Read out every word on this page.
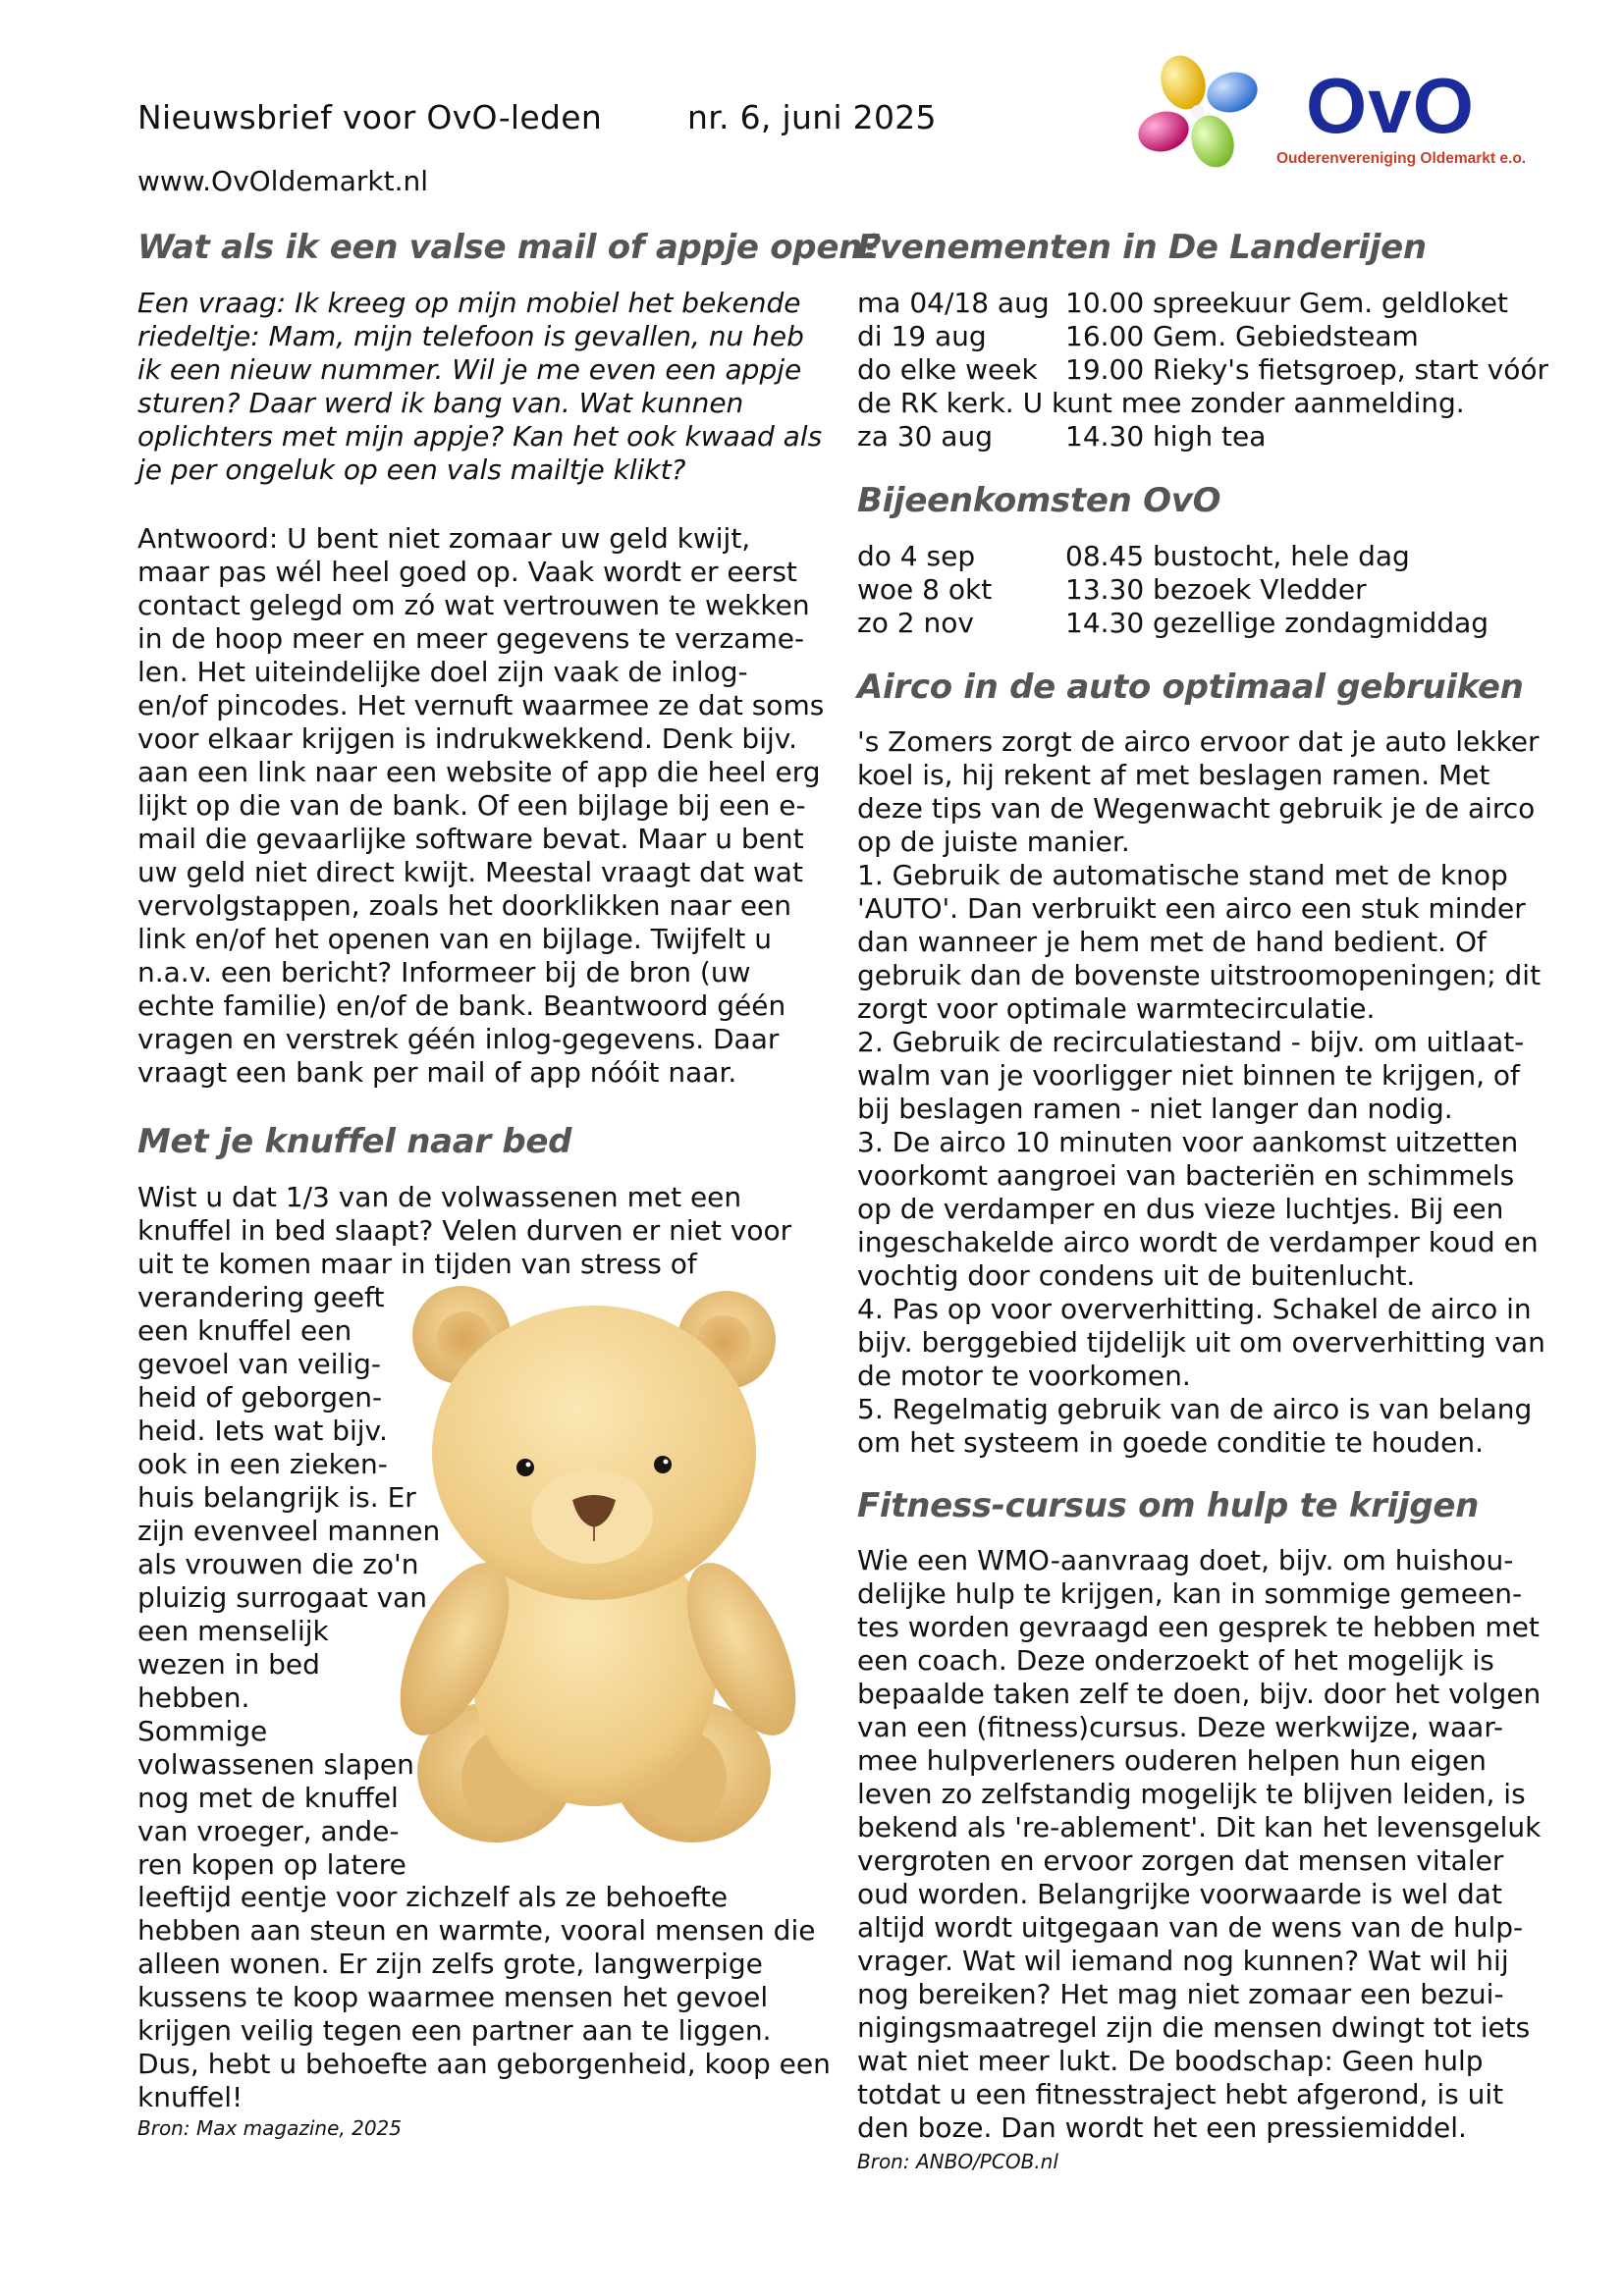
Nieuwsbrief voor OvO-leden	nr. 6, juni 2025
www.OvOldemarkt.nl
OvO
Ouderenvereniging Oldemarkt e.o.
Wat als ik een valse mail of appje open?

Een vraag: Ik kreeg op mijn mobiel het bekende

riedeltje: Mam, mijn telefoon is gevallen, nu heb

ik een nieuw nummer. Wil je me even een appje

sturen? Daar werd ik bang van. Wat kunnen

oplichters met mijn appje? Kan het ook kwaad als

je per ongeluk op een vals mailtje klikt?

Antwoord: U bent niet zomaar uw geld kwijt,

maar pas wél heel goed op. Vaak wordt er eerst

contact gelegd om zó wat vertrouwen te wekken

in de hoop meer en meer gegevens te verzame-

len. Het uiteindelijke doel zijn vaak de inlog-

en/of pincodes. Het vernuft waarmee ze dat soms

voor elkaar krijgen is indrukwekkend. Denk bijv.

aan een link naar een website of app die heel erg

lijkt op die van de bank. Of een bijlage bij een e-

mail die gevaarlijke software bevat. Maar u bent

uw geld niet direct kwijt. Meestal vraagt dat wat

vervolgstappen, zoals het doorklikken naar een

link en/of het openen van en bijlage. Twijfelt u

n.a.v. een bericht? Informeer bij de bron (uw

echte familie) en/of de bank. Beantwoord géén

vragen en verstrek géén inlog-gegevens. Daar

vraagt een bank per mail of app nóóit naar.

Met je knuffel naar bed

Wist u dat 1/3 van de volwassenen met een

knuffel in bed slaapt? Velen durven er niet voor

uit te komen maar in tijden van stress of

verandering geeft

een knuffel een

gevoel van veilig-

heid of geborgen-

heid. Iets wat bijv.

ook in een zieken-

huis belangrijk is. Er

zijn evenveel mannen

als vrouwen die zo'n

pluizig surrogaat van

een menselijk

wezen in bed

hebben.

Sommige

volwassenen slapen

nog met de knuffel

van vroeger, ande-

ren kopen op latere

leeftijd eentje voor zichzelf als ze behoefte

hebben aan steun en warmte, vooral mensen die

alleen wonen. Er zijn zelfs grote, langwerpige

kussens te koop waarmee mensen het gevoel

krijgen veilig tegen een partner aan te liggen.

Dus, hebt u behoefte aan geborgenheid, koop een

knuffel!

Bron: Max magazine, 2025
Evenementen in De Landerijen
ma 04/18 aug 10.00 spreekuur Gem. geldloket
di 19 aug	16.00 Gem. Gebiedsteam
do elke week	19.00 Rieky's fietsgroep, start vóór
de RK kerk. U kunt mee zonder aanmelding.
za 30 aug	14.30 high tea
Bijeenkomsten OvO
do 4 sep	08.45 bustocht, hele dag
woe 8 okt	13.30 bezoek Vledder
zo 2 nov	14.30 gezellige zondagmiddag
Airco in de auto optimaal gebruiken

's Zomers zorgt de airco ervoor dat je auto lekker

koel is, hij rekent af met beslagen ramen. Met

deze tips van de Wegenwacht gebruik je de airco

op de juiste manier.

1. Gebruik de automatische stand met de knop

'AUTO'. Dan verbruikt een airco een stuk minder

dan wanneer je hem met de hand bedient. Of

gebruik dan de bovenste uitstroomopeningen; dit

zorgt voor optimale warmtecirculatie.

2. Gebruik de recirculatiestand - bijv. om uitlaat-

walm van je voorligger niet binnen te krijgen, of

bij beslagen ramen - niet langer dan nodig.

3. De airco 10 minuten voor aankomst uitzetten

voorkomt aangroei van bacteriën en schimmels

op de verdamper en dus vieze luchtjes. Bij een

ingeschakelde airco wordt de verdamper koud en

vochtig door condens uit de buitenlucht.

4. Pas op voor oververhitting. Schakel de airco in

bijv. berggebied tijdelijk uit om oververhitting van

de motor te voorkomen.

5. Regelmatig gebruik van de airco is van belang

om het systeem in goede conditie te houden.

Fitness-cursus om hulp te krijgen

Wie een WMO-aanvraag doet, bijv. om huishou-

delijke hulp te krijgen, kan in sommige gemeen-

tes worden gevraagd een gesprek te hebben met

een coach. Deze onderzoekt of het mogelijk is

bepaalde taken zelf te doen, bijv. door het volgen

van een (fitness)cursus. Deze werkwijze, waar-

mee hulpverleners ouderen helpen hun eigen

leven zo zelfstandig mogelijk te blijven leiden, is

bekend als 're-ablement'. Dit kan het levensgeluk

vergroten en ervoor zorgen dat mensen vitaler

oud worden. Belangrijke voorwaarde is wel dat

altijd wordt uitgegaan van de wens van de hulp-

vrager. Wat wil iemand nog kunnen? Wat wil hij

nog bereiken? Het mag niet zomaar een bezui-

nigingsmaatregel zijn die mensen dwingt tot iets

wat niet meer lukt. De boodschap: Geen hulp

totdat u een fitnesstraject hebt afgerond, is uit

den boze. Dan wordt het een pressiemiddel.

Bron: ANBO/PCOB.nl
